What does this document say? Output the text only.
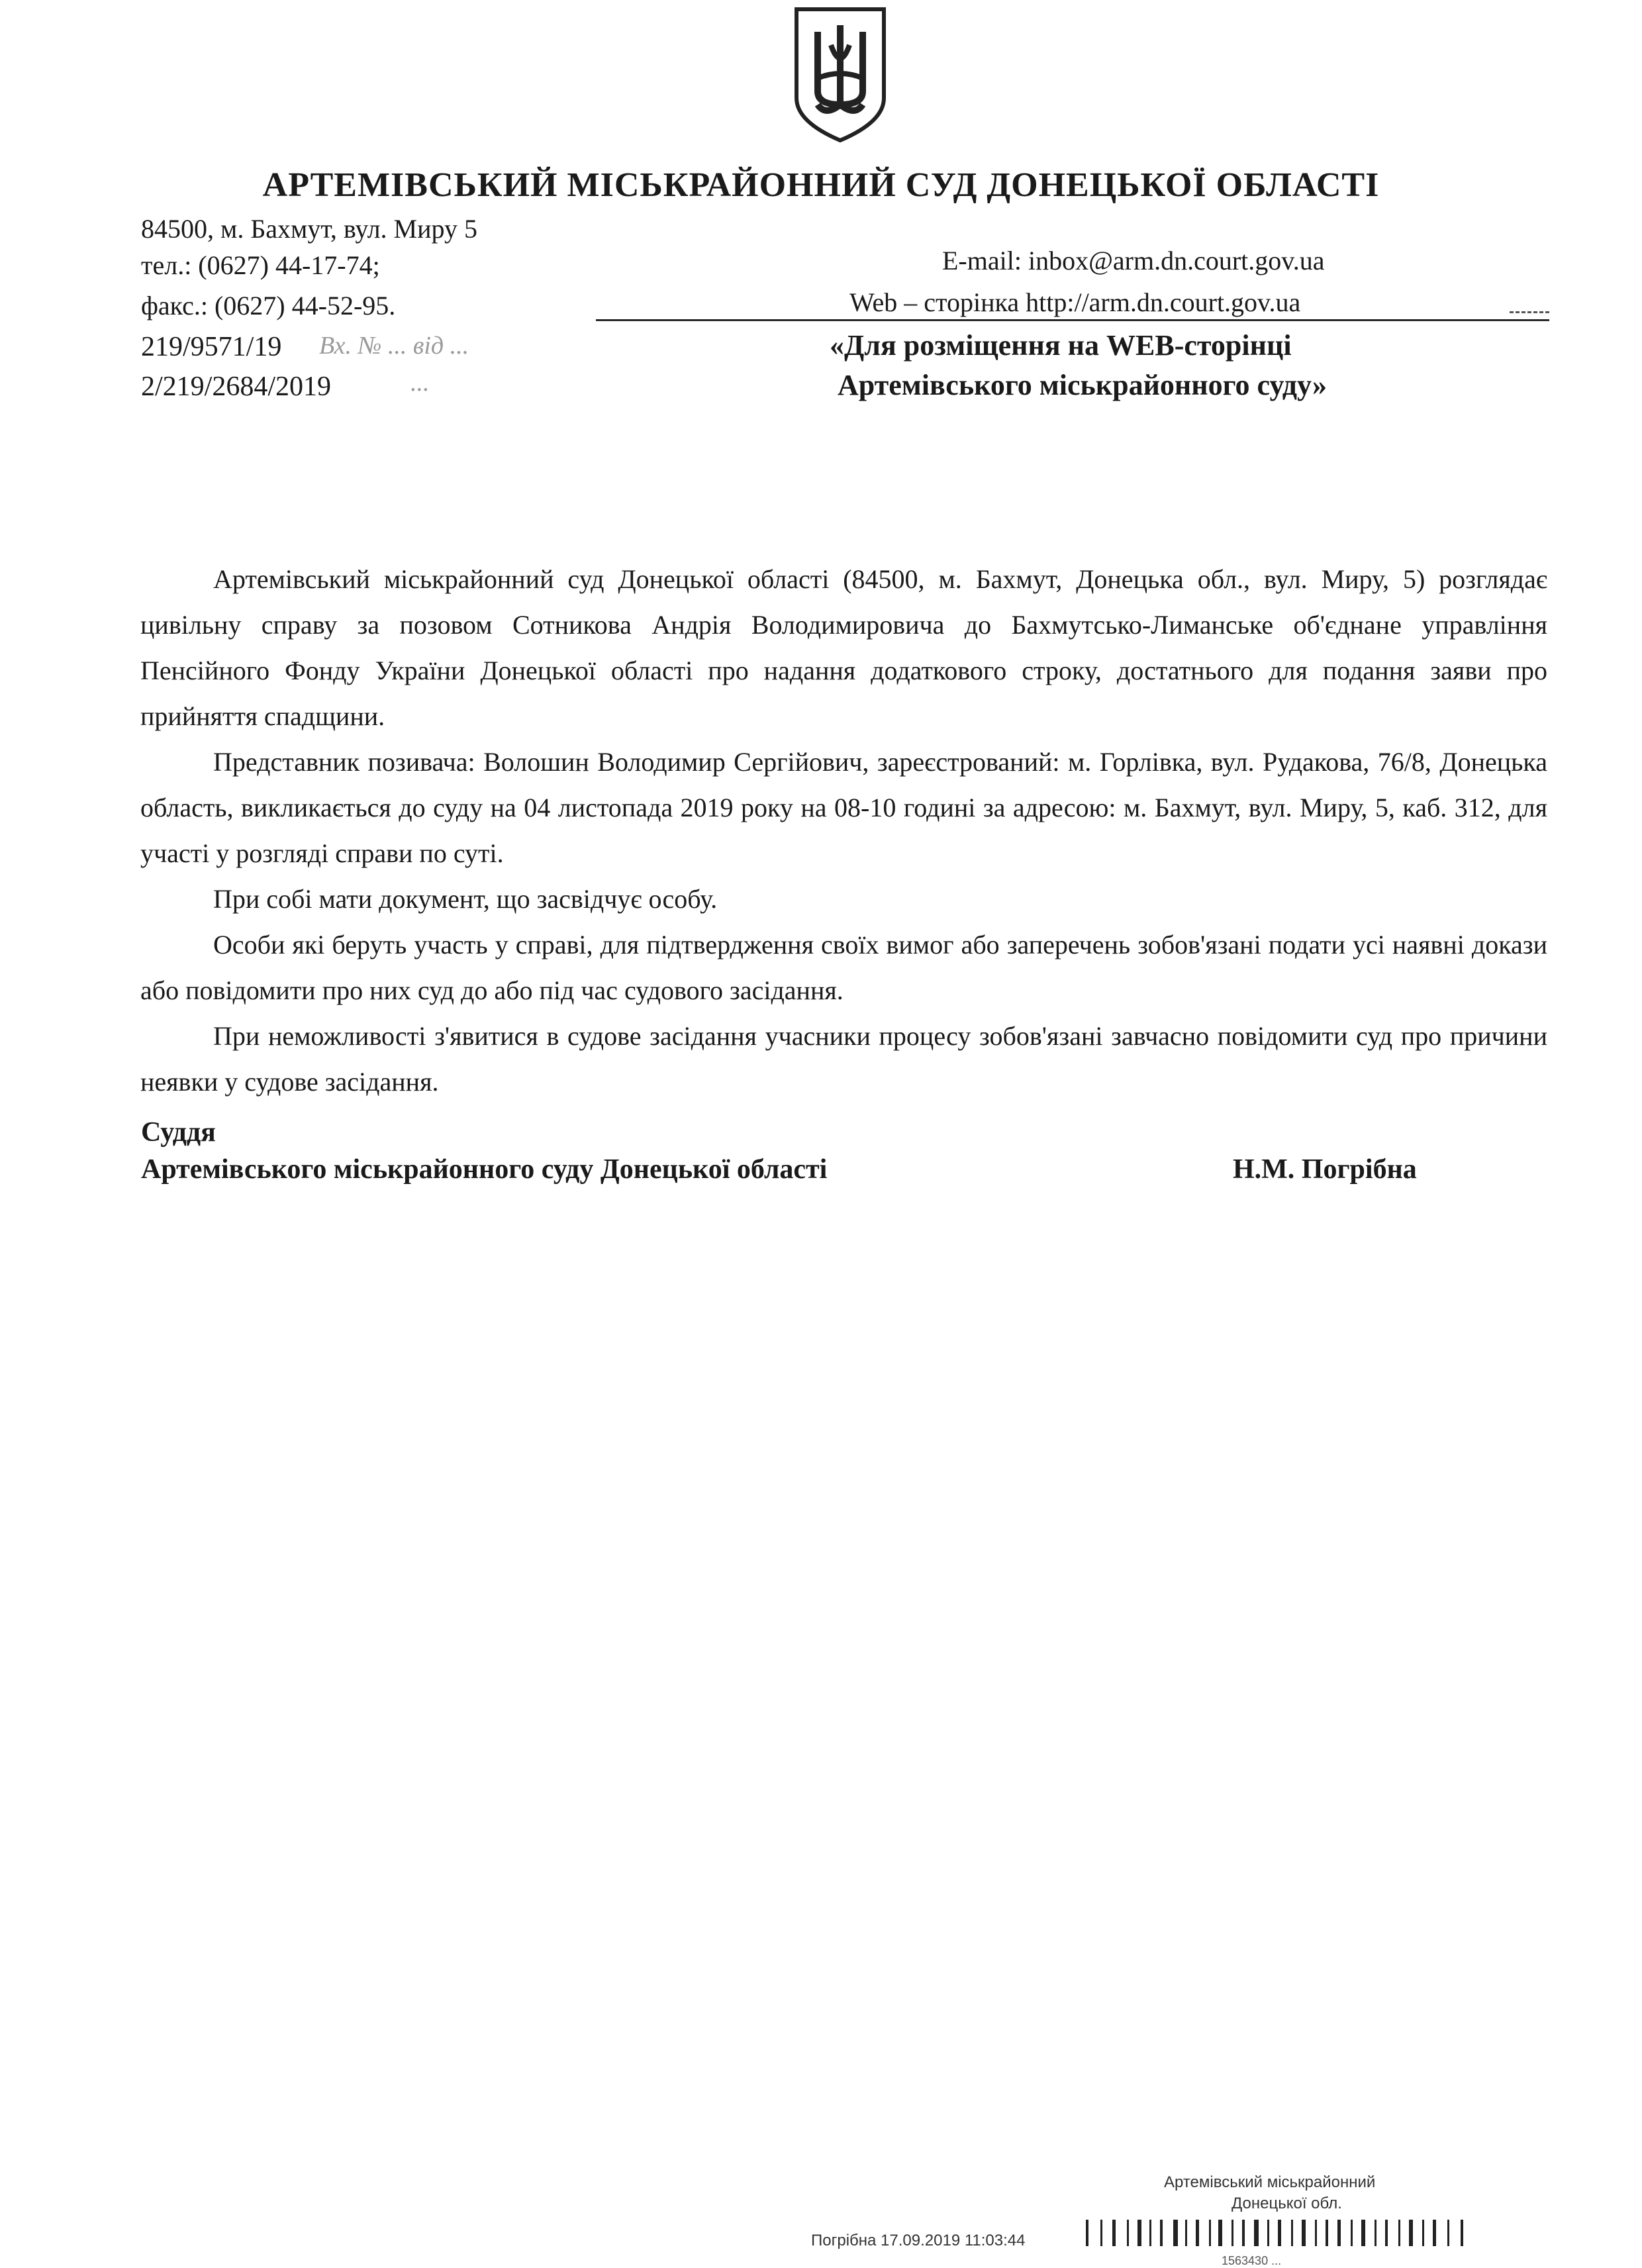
АРТЕМІВСЬКИЙ МІСЬКРАЙОННИЙ СУД ДОНЕЦЬКОЇ ОБЛАСТІ
84500, м. Бахмут, вул. Миру 5
тел.: (0627) 44-17-74;
факс.: (0627) 44-52-95.
E-mail: inbox@arm.dn.court.gov.ua
Web – сторінка http://arm.dn.court.gov.ua
219/9571/19
2/219/2684/2019
Вх. № ... від ...
...
«Для розміщення на WEB-сторінці
Артемівського міськрайонного суду»

Артемівський міськрайонний суд Донецької області (84500, м. Бахмут, Донецька обл., вул. Миру, 5) розглядає цивільну справу за позовом Сотникова Андрія Володимировича до Бахмутсько-Лиманське об'єднане управління Пенсійного Фонду України Донецької області про надання додаткового строку, достатнього для подання заяви про прийняття спадщини.

Представник позивача: Волошин Володимир Сергійович, зареєстрований: м. Горлівка, вул. Рудакова, 76/8, Донецька область, викликається до суду на 04 листопада 2019 року на 08-10 годині за адресою: м. Бахмут, вул. Миру, 5, каб. 312, для участі у розгляді справи по суті.

При собі мати документ, що засвідчує особу.

Особи які беруть участь у справі, для підтвердження своїх вимог або заперечень зобов'язані подати усі наявні докази або повідомити про них суд до або під час судового засідання.

При неможливості з'явитися в судове засідання учасники процесу зобов'язані завчасно повідомити суд про причини неявки у судове засідання.

Суддя
Артемівського міськрайонного суду Донецької області	Н.М. Погрібна
Артемівський міськрайонний
Донецької обл.
Погрібна 17.09.2019 11:03:44
1563430 ...
